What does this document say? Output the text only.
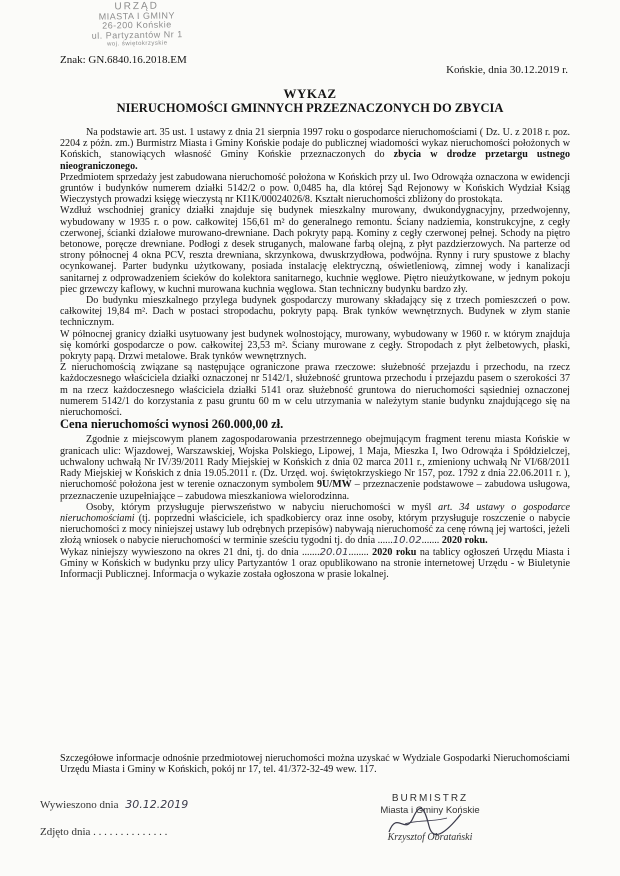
URZĄD
MIASTA I GMINY
26-200 Końskie
ul. Partyzantów Nr 1
woj. świętokrzyskie
Znak: GN.6840.16.2018.EM
Końskie, dnia 30.12.2019 r.
WYKAZ
NIERUCHOMOŚCI GMINNYCH PRZEZNACZONYCH DO ZBYCIA

Na podstawie art. 35 ust. 1 ustawy z dnia 21 sierpnia 1997 roku o gospodarce nieruchomościami ( Dz. U. z 2018 r. poz. 2204 z późn. zm.) Burmistrz Miasta i Gminy Końskie podaje do publicznej wiadomości wykaz nieruchomości położonych w Końskich, stanowiących własność Gminy Końskie przeznaczonych do zbycia w drodze przetargu ustnego nieograniczonego.

Przedmiotem sprzedaży jest zabudowana nieruchomość położona w Końskich przy ul. Iwo Odrowąża oznaczona w ewidencji gruntów i budynków numerem działki 5142/2 o pow. 0,0485 ha, dla której Sąd Rejonowy w Końskich Wydział Ksiąg Wieczystych prowadzi księgę wieczystą nr KI1K/00024026/8. Kształt nieruchomości zbliżony do prostokąta.

Wzdłuż wschodniej granicy działki znajduje się budynek mieszkalny murowany, dwukondygnacyjny, przedwojenny, wybudowany w 1935 r. o pow. całkowitej 156,61 m² do generalnego remontu. Ściany nadziemia, konstrukcyjne, z cegły czerwonej, ścianki działowe murowano-drewniane. Dach pokryty papą. Kominy z cegły czerwonej pełnej. Schody na piętro betonowe, poręcze drewniane. Podłogi z desek struganych, malowane farbą olejną, z płyt pazdzierzowych. Na parterze od strony północnej 4 okna PCV, reszta drewniana, skrzynkowa, dwuskrzydłowa, podwójna. Rynny i rury spustowe z blachy ocynkowanej. Parter budynku użytkowany, posiada instalację elektryczną, oświetleniową, zimnej wody i kanalizacji sanitarnej z odprowadzeniem ścieków do kolektora sanitarnego, kuchnie węglowe. Piętro nieużytkowane, w jednym pokoju piec grzewczy kaflowy, w kuchni murowana kuchnia węglowa. Stan techniczny budynku bardzo zły.

Do budynku mieszkalnego przylega budynek gospodarczy murowany składający się z trzech pomieszczeń o pow. całkowitej 19,84 m². Dach w postaci stropodachu, pokryty papą. Brak tynków wewnętrznych. Budynek w złym stanie technicznym.

W północnej granicy działki usytuowany jest budynek wolnostojący, murowany, wybudowany w 1960 r. w którym znajduja się komórki gospodarcze o pow. całkowitej 23,53 m². Ściany murowane z cegły. Stropodach z płyt żelbetowych, płaski, pokryty papą. Drzwi metalowe. Brak tynków wewnętrznych.

Z nieruchomością związane są następujące ograniczone prawa rzeczowe: służebność przejazdu i przechodu, na rzecz każdoczesnego właściciela działki oznaczonej nr 5142/1, służebność gruntowa przechodu i przejazdu pasem o szerokości 37 m na rzecz każdoczesnego właściciela działki 5141 oraz służebność gruntowa do nieruchomości sąsiedniej oznaczonej numerem 5142/1 do korzystania z pasu gruntu 60 m w celu utrzymania w należytym stanie budynku znajdującego się na nieruchomości.

Cena nieruchomości wynosi 260.000,00 zł.

Zgodnie z miejscowym planem zagospodarowania przestrzennego obejmującym fragment terenu miasta Końskie w granicach ulic: Wjazdowej, Warszawskiej, Wojska Polskiego, Lipowej, 1 Maja, Mieszka I, Iwo Odrowąża i Spółdzielczej, uchwalony uchwałą Nr IV/39/2011 Rady Miejskiej w Końskich z dnia 02 marca 2011 r., zmieniony uchwałą Nr VI/68/2011 Rady Miejskiej w Końskich z dnia 19.05.2011 r. (Dz. Urzęd. woj. świętokrzyskiego Nr 157, poz. 1792 z dnia 22.06.2011 r. ), nieruchomość położona jest w terenie oznaczonym symbolem 9U/MW – przeznaczenie podstawowe – zabudowa usługowa, przeznaczenie uzupełniające – zabudowa mieszkaniowa wielorodzinna.

Osoby, którym przysługuje pierwszeństwo w nabyciu nieruchomości w myśl art. 34 ustawy o gospodarce nieruchomościami (tj. poprzedni właściciele, ich spadkobiercy oraz inne osoby, którym przysługuje roszczenie o nabycie nieruchomości z mocy niniejszej ustawy lub odrębnych przepisów) nabywają nieruchomość za cenę równą jej wartości, jeżeli złożą wniosek o nabycie nieruchomości w terminie sześciu tygodni tj. do dnia ......10.02....... 2020 roku.

Wykaz niniejszy wywieszono na okres 21 dni, tj. do dnia .......20.01........ 2020 roku na tablicy ogłoszeń Urzędu Miasta i Gminy w Końskich w budynku przy ulicy Partyzantów 1 oraz opublikowano na stronie internetowej Urzędu - w Biuletynie Informacji Publicznej. Informacja o wykazie została ogłoszona w prasie lokalnej.

Szczegółowe informacje odnośnie przedmiotowej nieruchomości można uzyskać w Wydziale Gospodarki Nieruchomościami Urzędu Miasta i Gminy w Końskich, pokój nr 17, tel. 41/372-32-49 wew. 117.
Wywieszono dnia 30.12.2019
Zdjęto dnia . . . . . . . . . . . . . .
BURMISTRZ
Miasta i Gminy Końskie
Krzysztof Obratański
